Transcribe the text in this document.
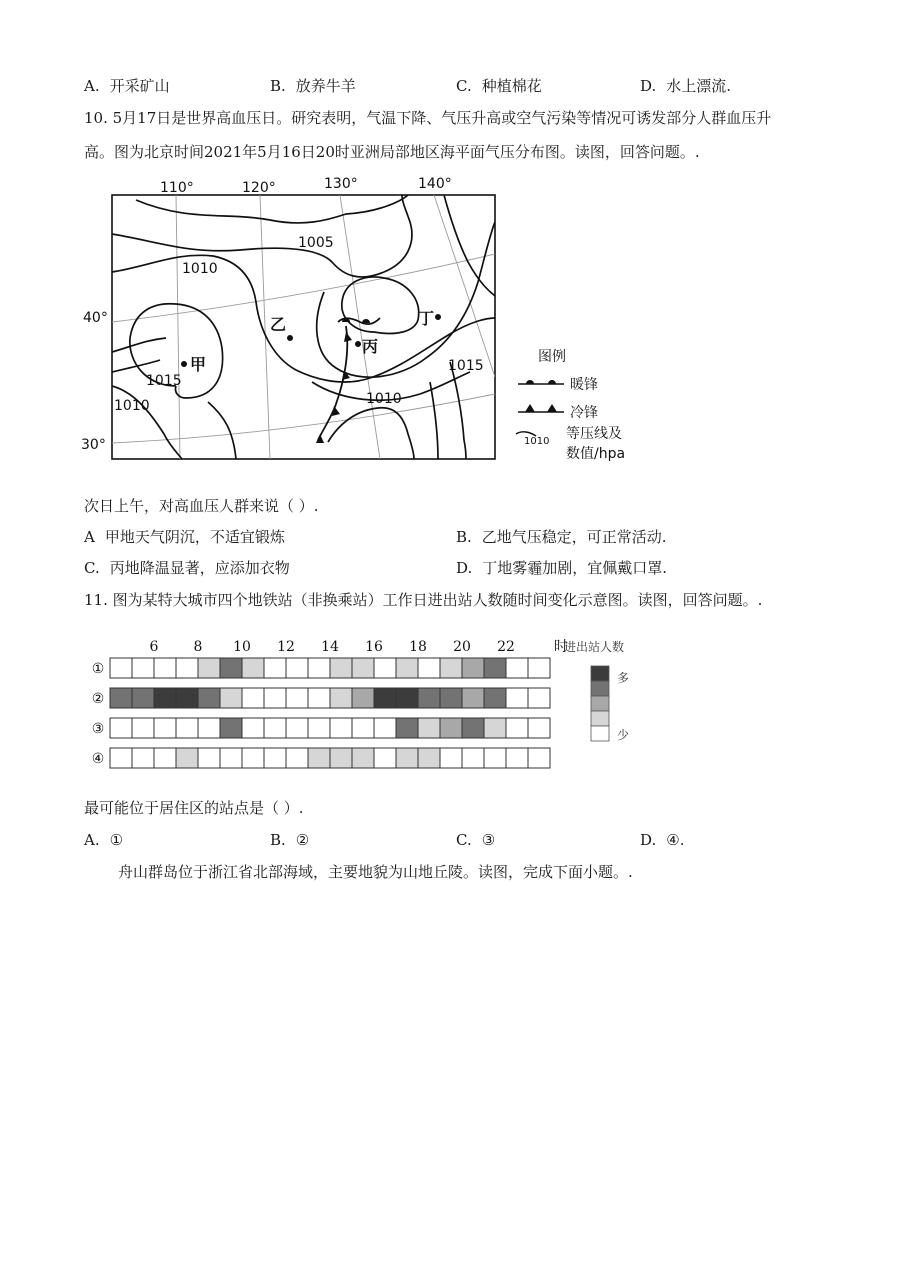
A. 开采矿山	B. 放养牛羊	C. 种植棉花	D. 水上漂流.
10. 5月17日是世界高血压日。研究表明，气温下降、气压升高或空气污染等情况可诱发部分人群血压升
高。图为北京时间2021年5月16日20时亚洲局部地区海平面气压分布图。读图，回答问题。.
110°	120°	130°	140°
40°
30°
1005
1010
1015
1015
1010
1010
甲
乙
丙
丁
图例
暖锋
冷锋
1010 等压线及
数值/hpa
次日上午，对高血压人群来说（ ）.
A 甲地天气阴沉，不适宜锻炼	B. 乙地气压稳定，可正常活动.
C. 丙地降温显著，应添加衣物	D. 丁地雾霾加剧，宜佩戴口罩.
11. 图为某特大城市四个地铁站（非换乘站）工作日进出站人数随时间变化示意图。读图，回答问题。.
6	8 10 12 14 16 18 20 22	时
①
②
③
④
进出站人数
多
少
最可能位于居住区的站点是（ ）.
A. ①	B. ②	C. ③	D. ④.
舟山群岛位于浙江省北部海域，主要地貌为山地丘陵。读图，完成下面小题。.
